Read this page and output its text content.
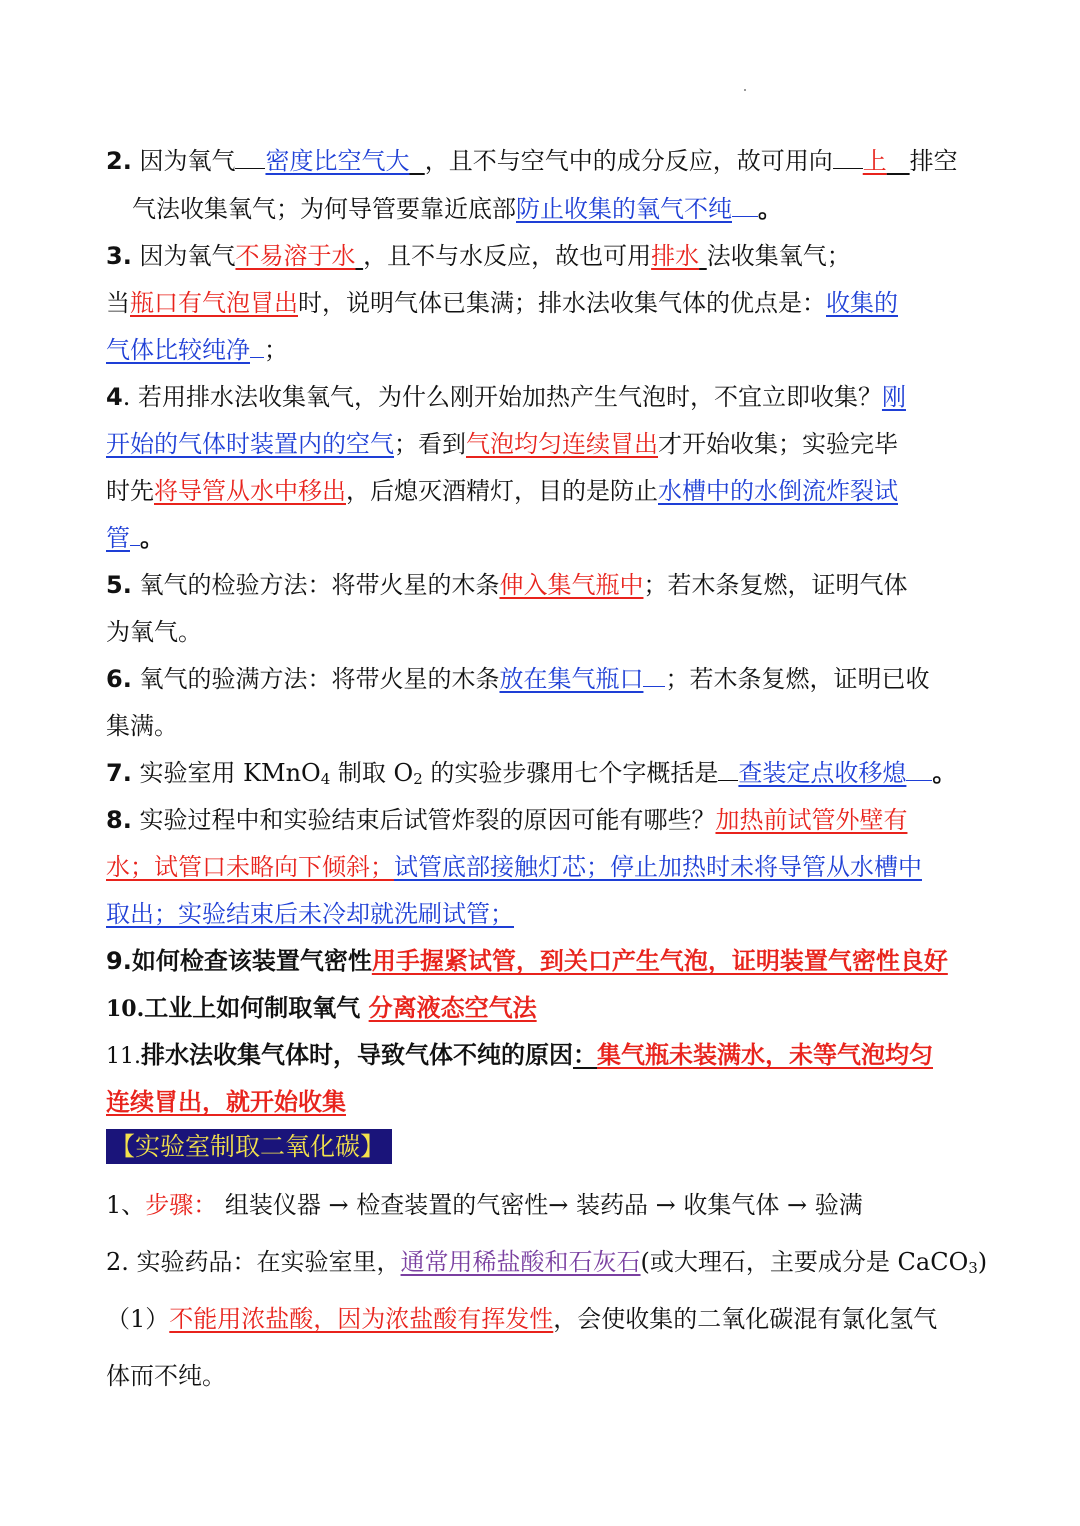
2. 因为氧气 密度比空气大 ，且不与空气中的成分反应，故可用向 上 排空
气法收集氧气；为何导管要靠近底部防止收集的氧气不纯 。
3. 因为氧气不易溶于水 ，且不与水反应，故也可用排水 法收集氧气；
当瓶口有气泡冒出时，说明气体已集满；排水法收集气体的优点是：收集的
气体比较纯净 ；
4. 若用排水法收集氧气，为什么刚开始加热产生气泡时，不宜立即收集？刚
开始的气体时装置内的空气；看到气泡均匀连续冒出才开始收集；实验完毕
时先将导管从水中移出，后熄灭酒精灯，目的是防止水槽中的水倒流炸裂试
管 。
5. 氧气的检验方法：将带火星的木条伸入集气瓶中；若木条复燃，证明气体
为氧气。
6. 氧气的验满方法：将带火星的木条放在集气瓶口 ；若木条复燃，证明已收
集满。
7. 实验室用 KMnO$_4$ 制取 $O_2$ 的实验步骤用七个字概括是 查装定点收移熄 。
8. 实验过程中和实验结束后试管炸裂的原因可能有哪些？加热前试管外壁有
水；试管口未略向下倾斜；试管底部接触灯芯；停止加热时未将导管从水槽中
取出；实验结束后未冷却就洗刷试管；
9.如何检查该装置气密性用手握紧试管，到关口产生气泡，证明装置气密性良好
10.工业上如何制取氧气 分离液态空气法
11.排水法收集气体时，导致气体不纯的原因：集气瓶未装满水，未等气泡均匀
连续冒出，就开始收集
【实验室制取二氧化碳】
1、步骤： 组装仪器 → 检查装置的气密性→ 装药品 → 收集气体 → 验满
2. 实验药品：在实验室里，通常用稀盐酸和石灰石(或大理石，主要成分是 CaCO$_3$)
（1）不能用浓盐酸，因为浓盐酸有挥发性，会使收集的二氧化碳混有氯化氢气
体而不纯。
